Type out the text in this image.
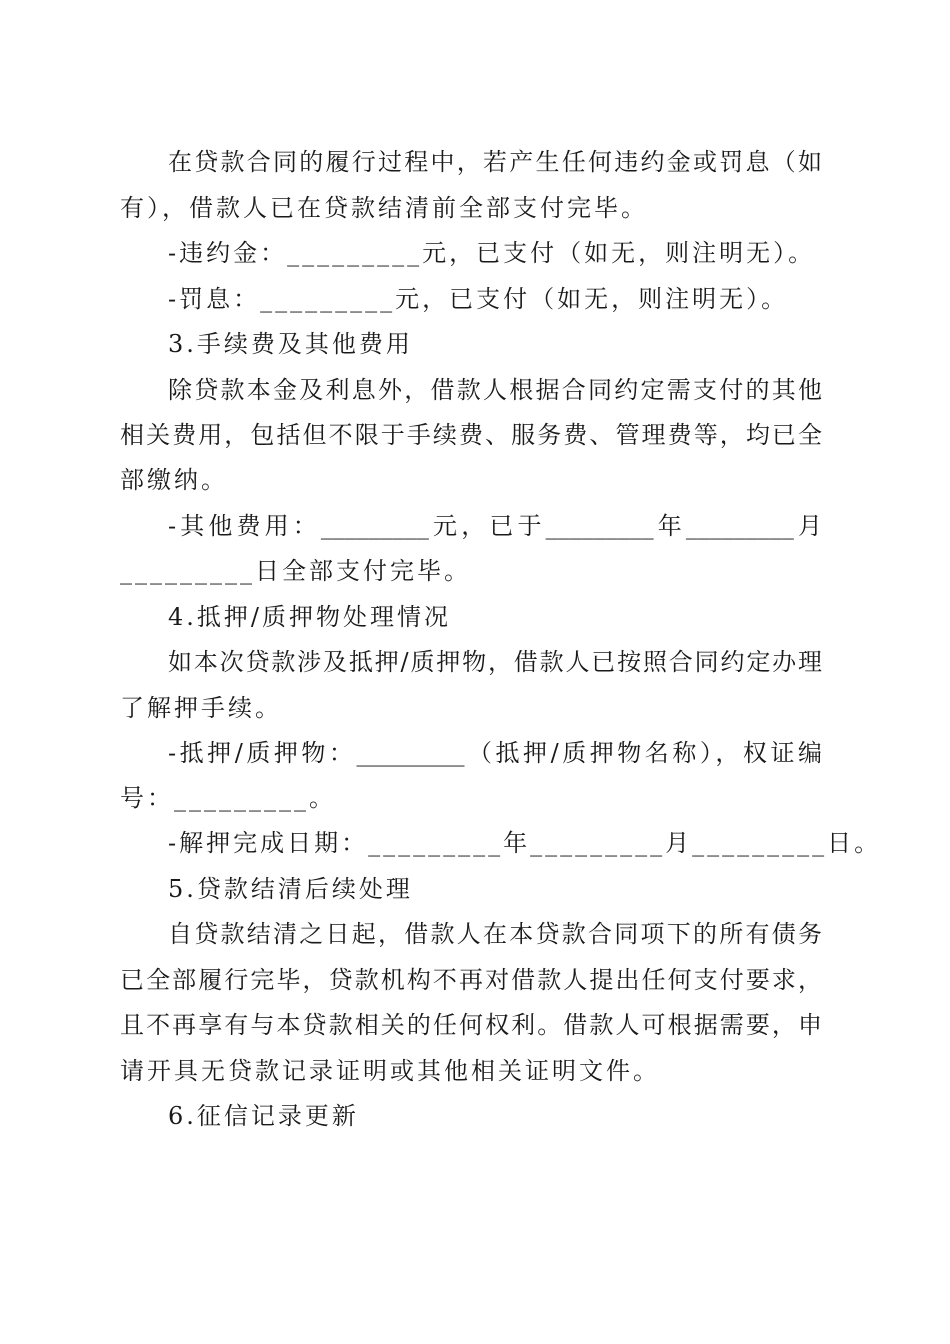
在贷款合同的履行过程中，若产生任何违约金或罚息（如
有），借款人已在贷款结清前全部支付完毕。
-违约金：_________元，已支付（如无，则注明无）。
-罚息：_________元，已支付（如无，则注明无）。
3.手续费及其他费用
除贷款本金及利息外，借款人根据合同约定需支付的其他
相关费用，包括但不限于手续费、服务费、管理费等，均已全
部缴纳。
-其他费用：_________元，已于_________年_________月
_________日全部支付完毕。
4.抵押/质押物处理情况
如本次贷款涉及抵押/质押物，借款人已按照合同约定办理
了解押手续。
-抵押/质押物：_________（抵押/质押物名称），权证编
号：_________。
-解押完成日期：_________年_________月_________日。
5.贷款结清后续处理
自贷款结清之日起，借款人在本贷款合同项下的所有债务
已全部履行完毕，贷款机构不再对借款人提出任何支付要求，
且不再享有与本贷款相关的任何权利。借款人可根据需要，申
请开具无贷款记录证明或其他相关证明文件。
6.征信记录更新
